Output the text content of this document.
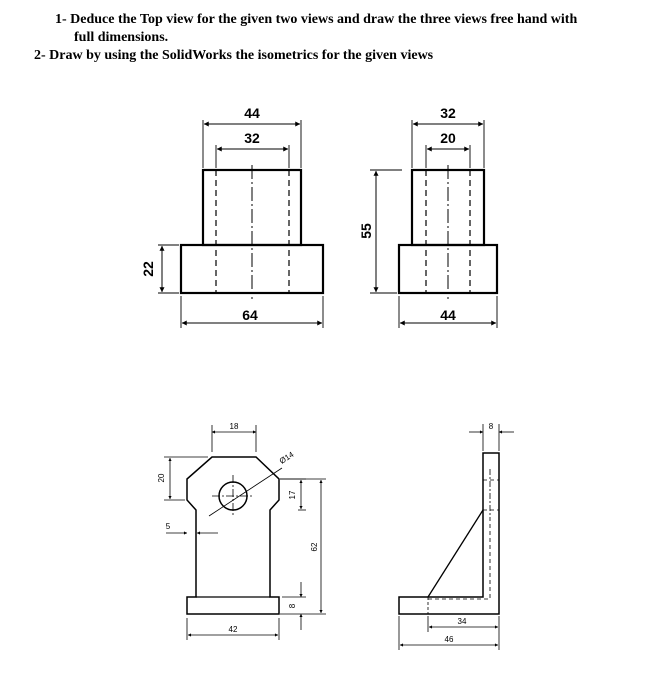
1- Deduce the Top view for the given two views and draw the three views free hand with
full dimensions.
2- Draw by using the SolidWorks the isometrics for the given views
44
32
64
22
55
32
20
44
18
20
5
Ø14
17
62
8
42
8
34
46
